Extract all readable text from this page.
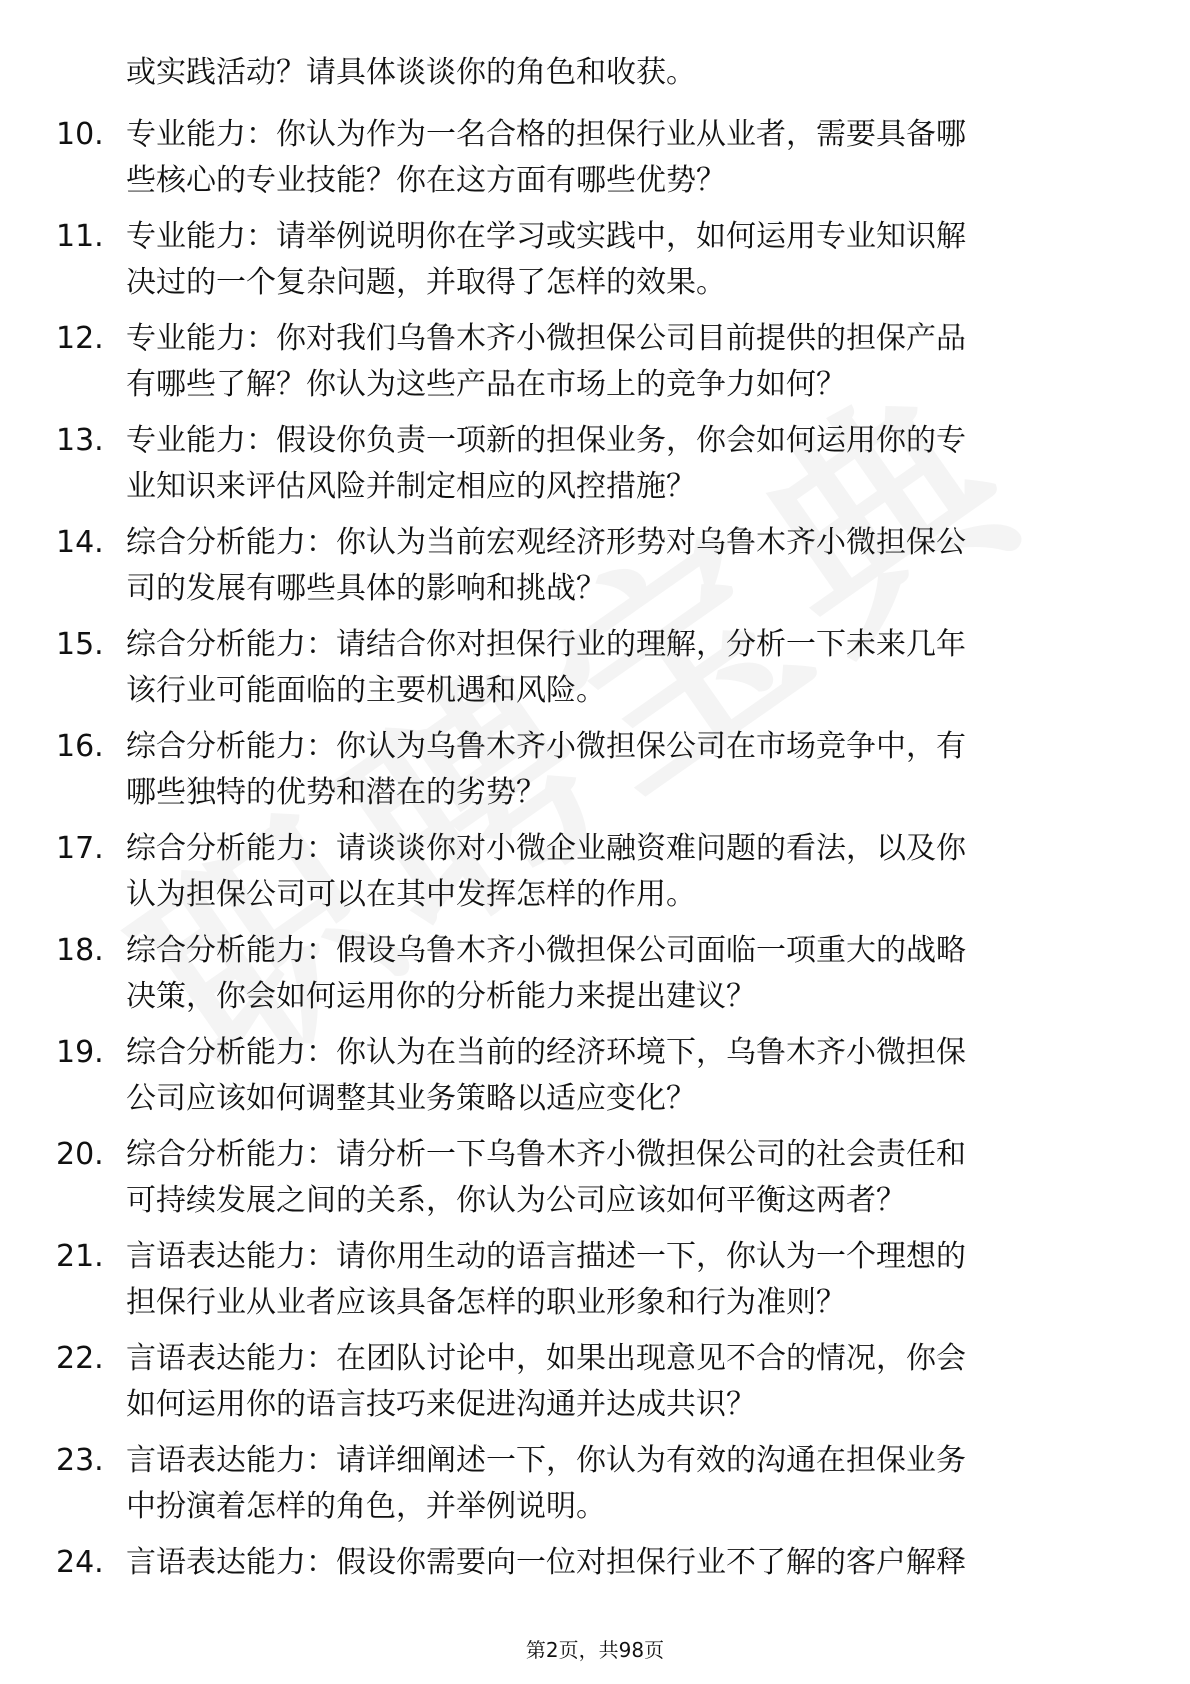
或实践活动？请具体谈谈你的角色和收获。
10. 专业能力：你认为作为一名合格的担保行业从业者，需要具备哪
些核心的专业技能？你在这方面有哪些优势？
11. 专业能力：请举例说明你在学习或实践中，如何运用专业知识解
决过的一个复杂问题，并取得了怎样的效果。
12. 专业能力：你对我们乌鲁木齐小微担保公司目前提供的担保产品
有哪些了解？你认为这些产品在市场上的竞争力如何？
13. 专业能力：假设你负责一项新的担保业务，你会如何运用你的专
业知识来评估风险并制定相应的风控措施？
14. 综合分析能力：你认为当前宏观经济形势对乌鲁木齐小微担保公
司的发展有哪些具体的影响和挑战？
15. 综合分析能力：请结合你对担保行业的理解，分析一下未来几年
该行业可能面临的主要机遇和风险。
16. 综合分析能力：你认为乌鲁木齐小微担保公司在市场竞争中，有
哪些独特的优势和潜在的劣势？
17. 综合分析能力：请谈谈你对小微企业融资难问题的看法，以及你
认为担保公司可以在其中发挥怎样的作用。
18. 综合分析能力：假设乌鲁木齐小微担保公司面临一项重大的战略
决策，你会如何运用你的分析能力来提出建议？
19. 综合分析能力：你认为在当前的经济环境下，乌鲁木齐小微担保
公司应该如何调整其业务策略以适应变化？
20. 综合分析能力：请分析一下乌鲁木齐小微担保公司的社会责任和
可持续发展之间的关系，你认为公司应该如何平衡这两者？
21. 言语表达能力：请你用生动的语言描述一下，你认为一个理想的
担保行业从业者应该具备怎样的职业形象和行为准则？
22. 言语表达能力：在团队讨论中，如果出现意见不合的情况，你会
如何运用你的语言技巧来促进沟通并达成共识？
23. 言语表达能力：请详细阐述一下，你认为有效的沟通在担保业务
中扮演着怎样的角色，并举例说明。
24. 言语表达能力：假设你需要向一位对担保行业不了解的客户解释
第2页，共98页
